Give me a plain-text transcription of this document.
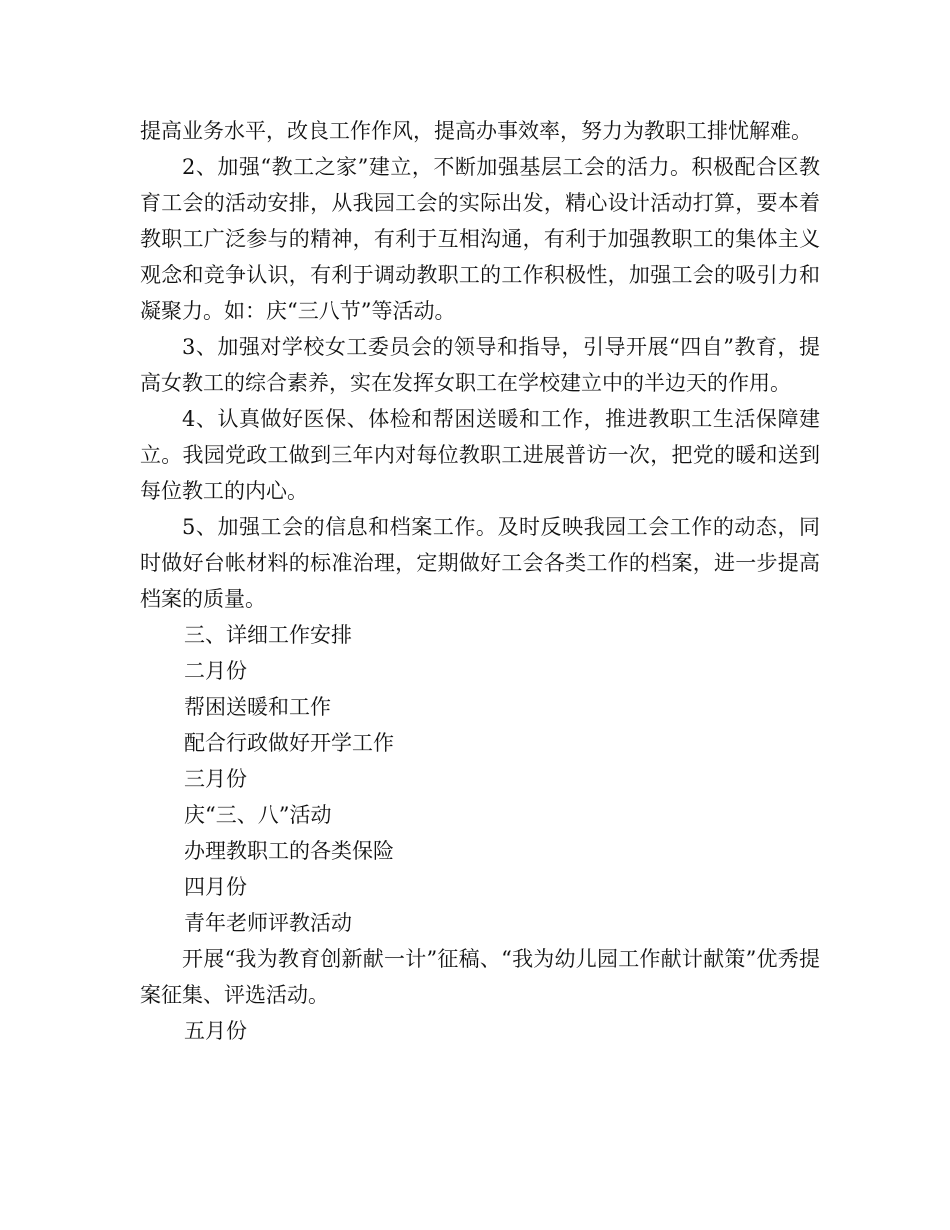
提高业务水平，改良工作作风，提高办事效率，努力为教职工排忧解难。

2、加强“教工之家”建立，不断加强基层工会的活力。积极配合区教育工会的活动安排，从我园工会的实际出发，精心设计活动打算，要本着教职工广泛参与的精神，有利于互相沟通，有利于加强教职工的集体主义观念和竞争认识，有利于调动教职工的工作积极性，加强工会的吸引力和凝聚力。如：庆“三八节”等活动。

3、加强对学校女工委员会的领导和指导，引导开展“四自”教育，提高女教工的综合素养，实在发挥女职工在学校建立中的半边天的作用。

4、认真做好医保、体检和帮困送暖和工作，推进教职工生活保障建立。我园党政工做到三年内对每位教职工进展普访一次，把党的暖和送到每位教工的内心。

5、加强工会的信息和档案工作。及时反映我园工会工作的动态，同时做好台帐材料的标准治理，定期做好工会各类工作的档案，进一步提高档案的质量。

三、详细工作安排

二月份

帮困送暖和工作

配合行政做好开学工作

三月份

庆“三、八”活动

办理教职工的各类保险

四月份

青年老师评教活动

开展“我为教育创新献一计”征稿、“我为幼儿园工作献计献策”优秀提案征集、评选活动。

五月份
